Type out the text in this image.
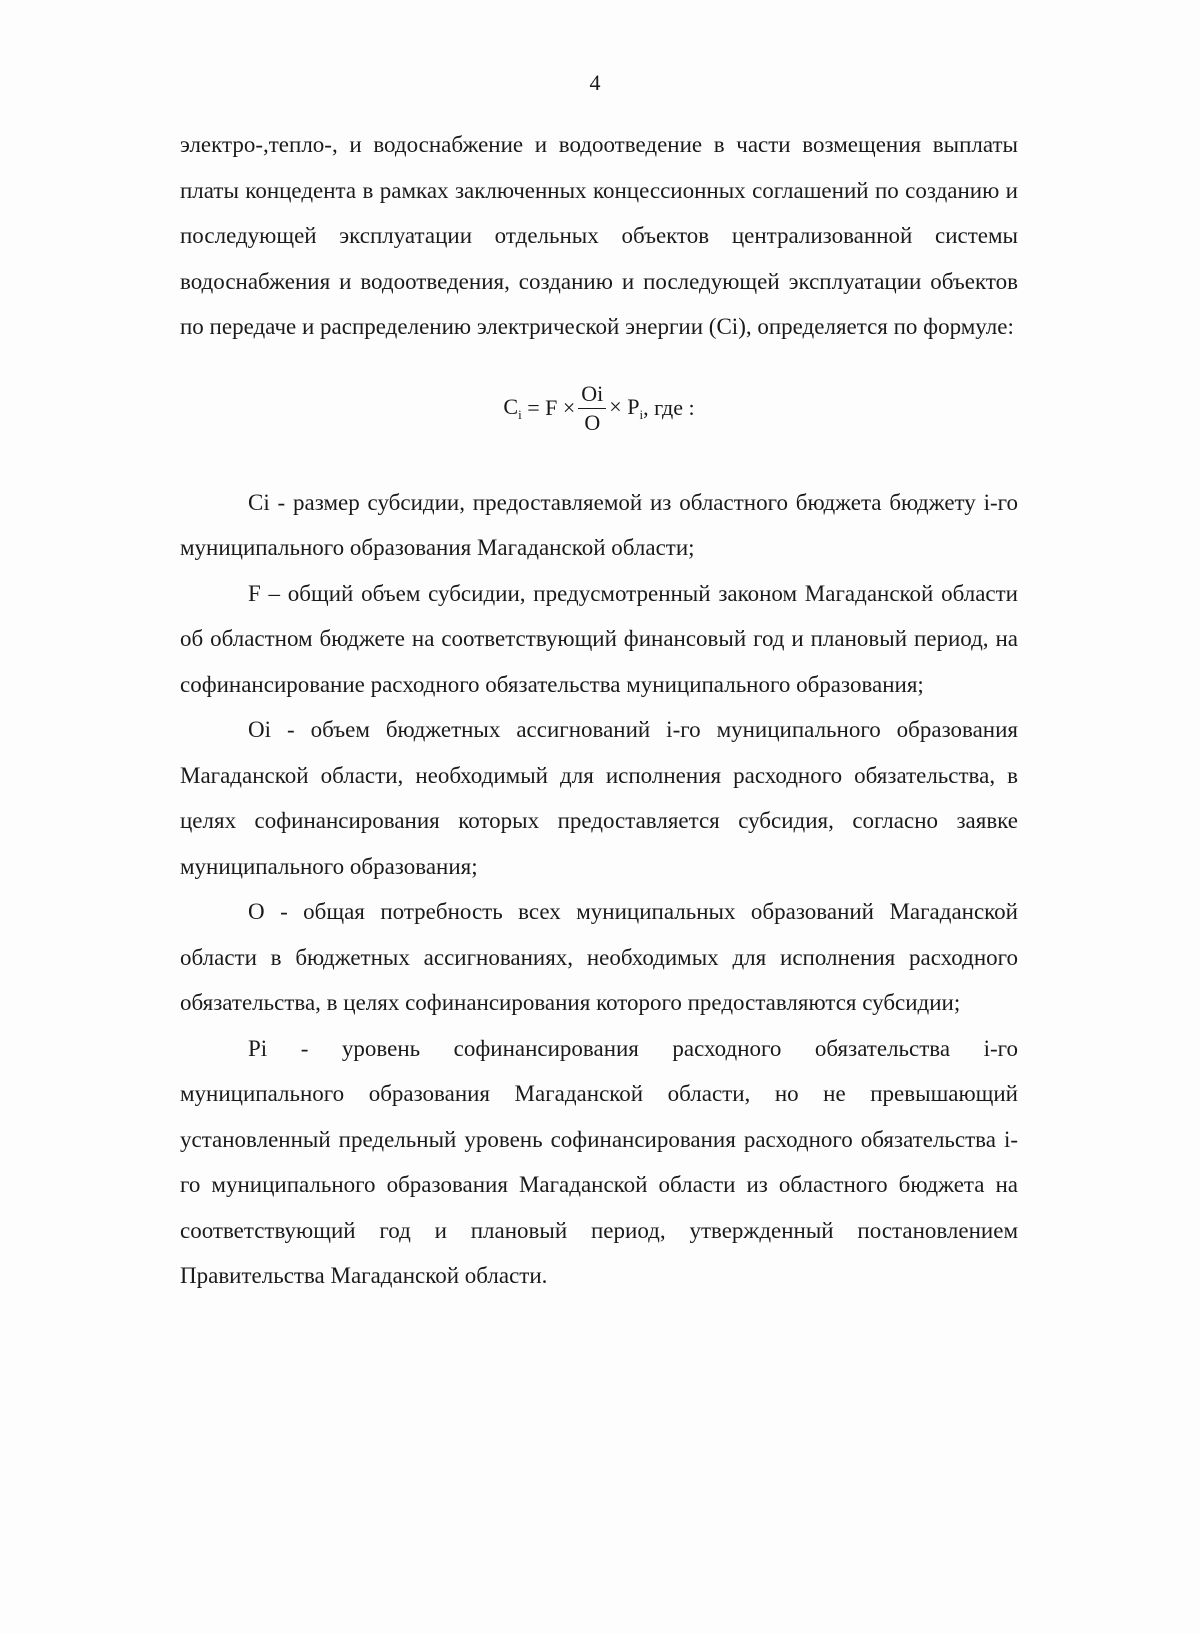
4

электро-,тепло-, и водоснабжение и водоотведение в части возмещения выплаты платы концедента в рамках заключенных концессионных соглашений по созданию и последующей эксплуатации отдельных объектов централизованной системы водоснабжения и водоотведения, созданию и последующей эксплуатации объектов по передаче и распределению электрической энергии (Ci), определяется по формуле:

$C_i = F \times \frac{Oi}{O} \times P_i$ , где :

Ci - размер субсидии, предоставляемой из областного бюджета бюджету i-го муниципального образования Магаданской области;

F – общий объем субсидии, предусмотренный законом Магаданской области об областном бюджете на соответствующий финансовый год и плановый период, на софинансирование расходного обязательства муниципального образования;

Oi - объем бюджетных ассигнований i-го муниципального образования Магаданской области, необходимый для исполнения расходного обязательства, в целях софинансирования которых предоставляется субсидия, согласно заявке муниципального образования;

O - общая потребность всех муниципальных образований Магаданской области в бюджетных ассигнованиях, необходимых для исполнения расходного обязательства, в целях софинансирования которого предоставляются субсидии;

Pi - уровень софинансирования расходного обязательства i-го муниципального образования Магаданской области, но не превышающий установленный предельный уровень софинансирования расходного обязательства i-го муниципального образования Магаданской области из областного бюджета на соответствующий год и плановый период, утвержденный постановлением Правительства Магаданской области.
